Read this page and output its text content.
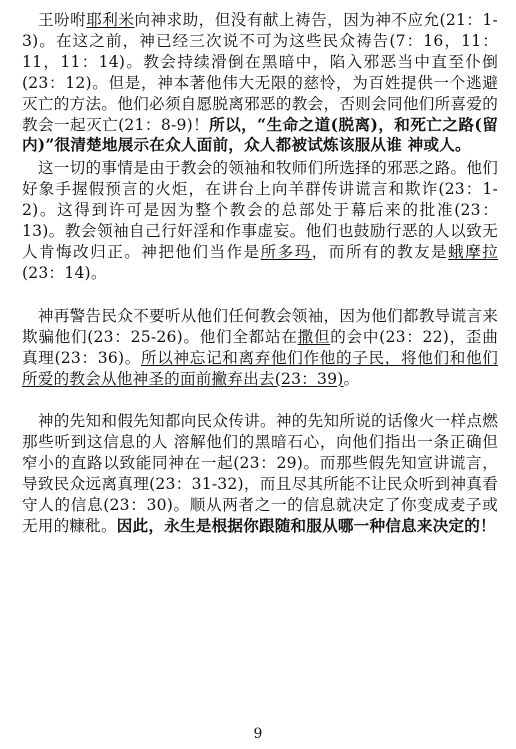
 王吩咐耶利米向神求助，但没有献上祷告，因为神不应允(21：1-3)。在这之前，神已经三次说不可为这些民众祷告(7：16，11：11，11：14)。教会持续滑倒在黑暗中，陷入邪恶当中直至仆倒(23：12)。但是，神本著他伟大无限的慈怜，为百姓提供一个逃避灭亡的方法。他们必须自愿脱离邪恶的教会，否则会同他们所喜爱的教会一起灭亡(21：8-9)！所以，“生命之道(脱离)，和死亡之路(留内)”很清楚地展示在众人面前，众人都被试炼该服从谁 神或人。

 这一切的事情是由于教会的领袖和牧师们所选择的邪恶之路。他们好象手握假预言的火炬，在讲台上向羊群传讲谎言和欺诈(23：1-2)。这得到许可是因为整个教会的总部处于幕后来的批准(23：13)。教会领袖自己行奸淫和作事虚妄。他们也鼓励行恶的人以致无人肯悔改归正。神把他们当作是所多玛，而所有的教友是蛾摩拉(23：14)。

 神再警告民众不要听从他们任何教会领袖，因为他们都教导谎言来欺骗他们(23：25-26)。他们全都站在撒但的会中(23：22)，歪曲真理(23：36)。所以神忘记和离弃他们作他的子民，将他们和他们所爱的教会从他神圣的面前撇弃出去(23：39)。

 神的先知和假先知都向民众传讲。神的先知所说的话像火一样点燃那些听到这信息的人 溶解他们的黑暗石心，向他们指出一条正确但窄小的直路以致能同神在一起(23：29)。而那些假先知宣讲谎言，导致民众远离真理(23：31-32)，而且尽其所能不让民众听到神真看守人的信息(23：30)。顺从两者之一的信息就决定了你变成麦子或无用的糠秕。因此，永生是根据你跟随和服从哪一种信息来决定的！

9
